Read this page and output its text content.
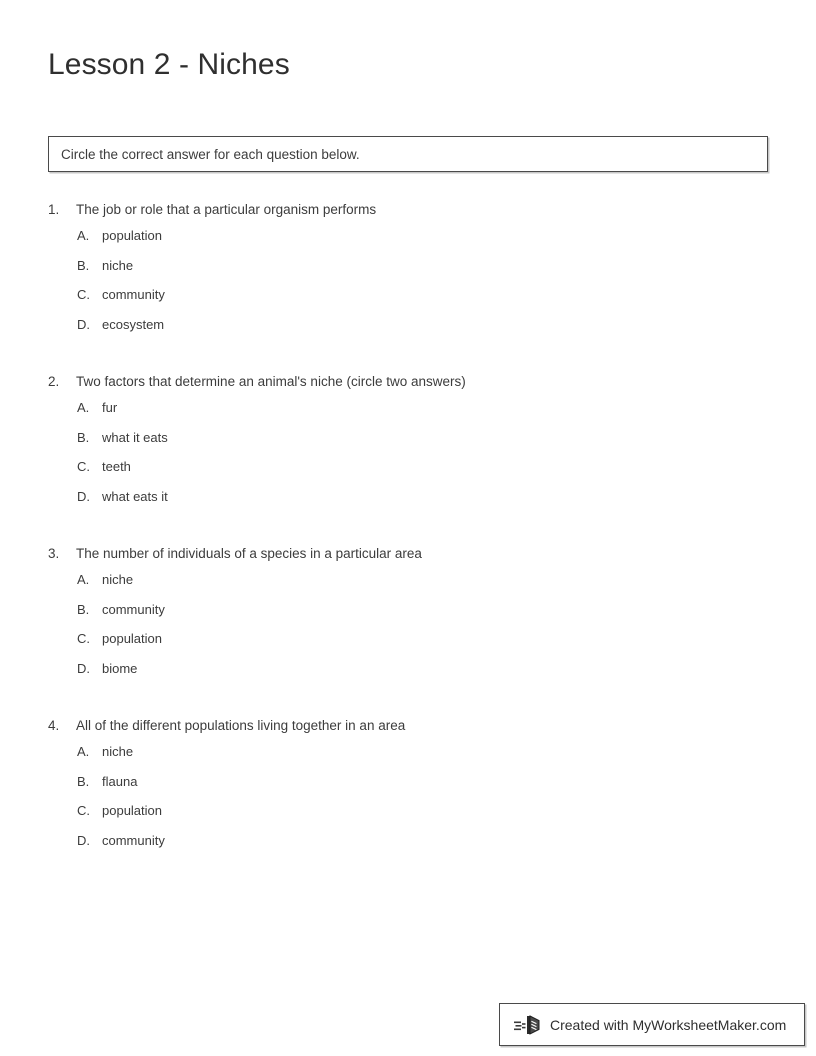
Lesson 2 - Niches
Circle the correct answer for each question below.
1.	The job or role that a particular organism performs
A. population
B. niche
C. community
D. ecosystem
2.	Two factors that determine an animal's niche (circle two answers)
A. fur
B. what it eats
C. teeth
D. what eats it
3.	The number of individuals of a species in a particular area
A. niche
B. community
C. population
D. biome
4.	All of the different populations living together in an area
A. niche
B. flauna
C. population
D. community
Created with MyWorksheetMaker.com
